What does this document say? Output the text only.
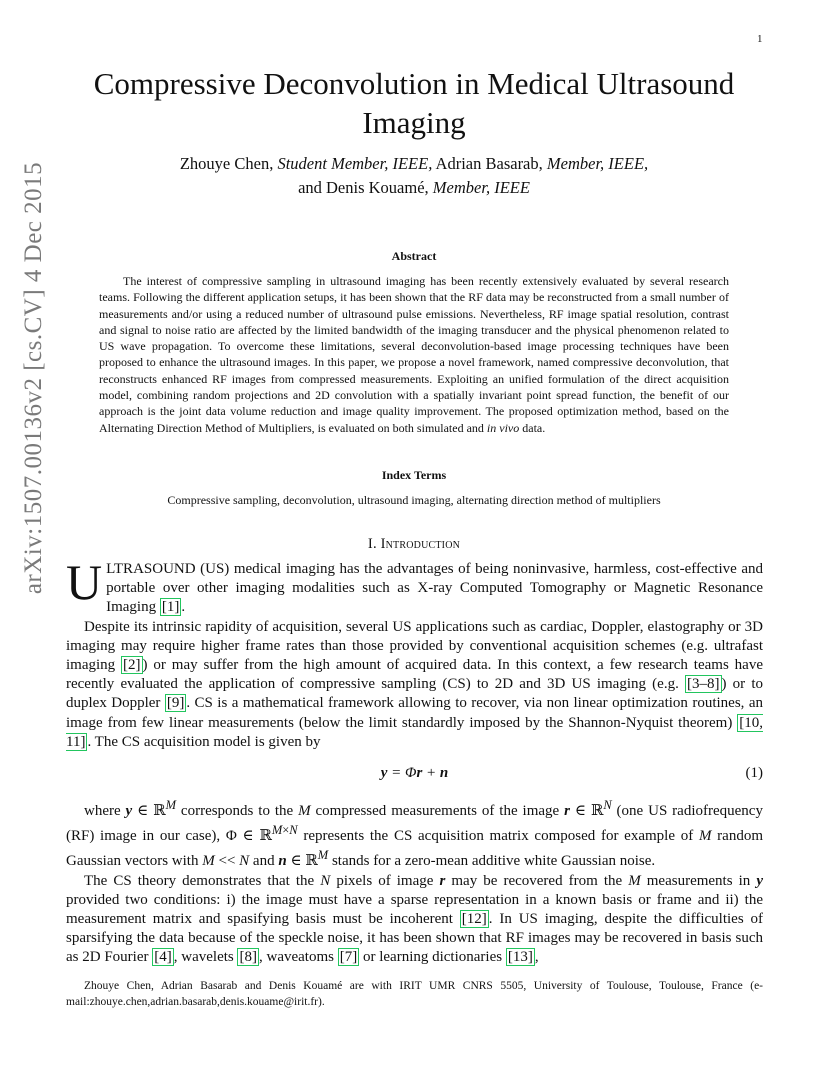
1
arXiv:1507.00136v2 [cs.CV] 4 Dec 2015
Compressive Deconvolution in Medical Ultrasound Imaging
Zhouye Chen, Student Member, IEEE, Adrian Basarab, Member, IEEE,
and Denis Kouamé, Member, IEEE
Abstract
The interest of compressive sampling in ultrasound imaging has been recently extensively evaluated by several research teams. Following the different application setups, it has been shown that the RF data may be reconstructed from a small number of measurements and/or using a reduced number of ultrasound pulse emissions. Nevertheless, RF image spatial resolution, contrast and signal to noise ratio are affected by the limited bandwidth of the imaging transducer and the physical phenomenon related to US wave propagation. To overcome these limitations, several deconvolution-based image processing techniques have been proposed to enhance the ultrasound images. In this paper, we propose a novel framework, named compressive deconvolution, that reconstructs enhanced RF images from compressed measurements. Exploiting an unified formulation of the direct acquisition model, combining random projections and 2D convolution with a spatially invariant point spread function, the benefit of our approach is the joint data volume reduction and image quality improvement. The proposed optimization method, based on the Alternating Direction Method of Multipliers, is evaluated on both simulated and in vivo data.
Index Terms
Compressive sampling, deconvolution, ultrasound imaging, alternating direction method of multipliers
I. Introduction

ULTRASOUND (US) medical imaging has the advantages of being noninvasive, harmless, cost-effective and portable over other imaging modalities such as X-ray Computed Tomography or Magnetic Resonance Imaging [1] .

Despite its intrinsic rapidity of acquisition, several US applications such as cardiac, Doppler, elastography or 3D imaging may require higher frame rates than those provided by conventional acquisition schemes (e.g. ultrafast imaging [2] ) or may suffer from the high amount of acquired data. In this context, a few research teams have recently evaluated the application of compressive sampling (CS) to 2D and 3D US imaging (e.g. [3–8] ) or to duplex Doppler [9] . CS is a mathematical framework allowing to recover, via non linear optimization routines, an image from few linear measurements (below the limit standardly imposed by the Shannon-Nyquist theorem) [10, 11] . The CS acquisition model is given by

y = Φr + n	(1)

where y ∈ ℝ$^M$ corresponds to the M compressed measurements of the image r ∈ ℝ$^N$ (one US radiofrequency (RF) image in our case), Φ ∈ ℝ$^{M\times N}$ represents the CS acquisition matrix composed for example of M random Gaussian vectors with M << N and n ∈ ℝ$^M$ stands for a zero-mean additive white Gaussian noise.

The CS theory demonstrates that the N pixels of image r may be recovered from the M measurements in y provided two conditions: i) the image must have a sparse representation in a known basis or frame and ii) the measurement matrix and spasifying basis must be incoherent [12] . In US imaging, despite the difficulties of sparsifying the data because of the speckle noise, it has been shown that RF images may be recovered in basis such as 2D Fourier [4] , wavelets [8] , waveatoms [7] or learning dictionaries [13] ,

Zhouye Chen, Adrian Basarab and Denis Kouamé are with IRIT UMR CNRS 5505, University of Toulouse, Toulouse, France (e-mail:zhouye.chen,adrian.basarab,denis.kouame@irit.fr).
